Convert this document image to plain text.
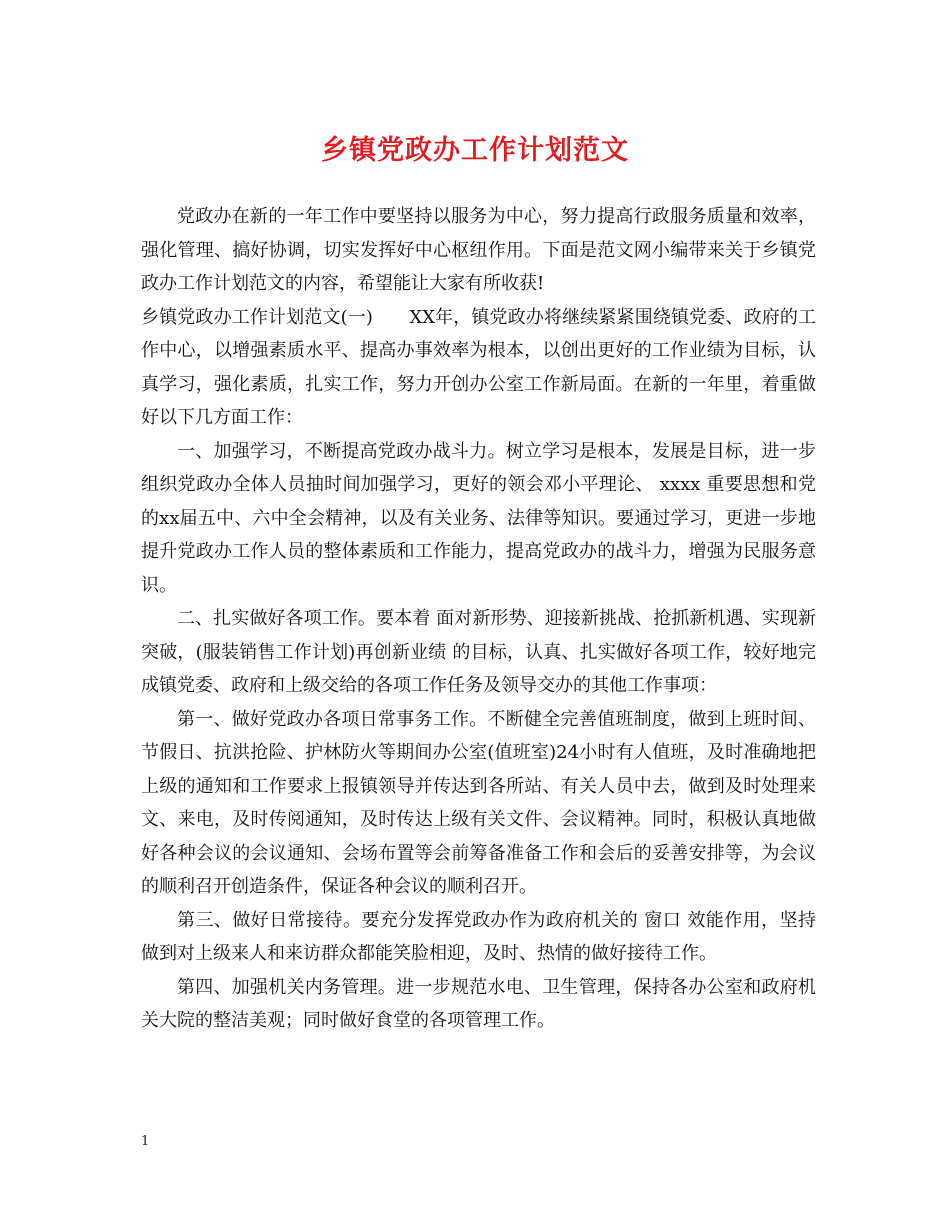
乡镇党政办工作计划范文

党政办在新的一年工作中要坚持以服务为中心，努力提高行政服务质量和效率，强化管理、搞好协调，切实发挥好中心枢纽作用。下面是范文网小编带来关于乡镇党政办工作计划范文的内容，希望能让大家有所收获!

乡镇党政办工作计划范文(一)　　XX年，镇党政办将继续紧紧围绕镇党委、政府的工作中心，以增强素质水平、提高办事效率为根本，以创出更好的工作业绩为目标，认真学习，强化素质，扎实工作，努力开创办公室工作新局面。在新的一年里，着重做好以下几方面工作：

一、加强学习，不断提高党政办战斗力。树立学习是根本，发展是目标，进一步组织党政办全体人员抽时间加强学习，更好的领会邓小平理论、 xxxx 重要思想和党的xx届五中、六中全会精神，以及有关业务、法律等知识。要通过学习，更进一步地提升党政办工作人员的整体素质和工作能力，提高党政办的战斗力，增强为民服务意识。

二、扎实做好各项工作。要本着 面对新形势、迎接新挑战、抢抓新机遇、实现新突破，(服装销售工作计划)再创新业绩 的目标，认真、扎实做好各项工作，较好地完成镇党委、政府和上级交给的各项工作任务及领导交办的其他工作事项：

第一、做好党政办各项日常事务工作。不断健全完善值班制度，做到上班时间、节假日、抗洪抢险、护林防火等期间办公室(值班室)24小时有人值班，及时准确地把上级的通知和工作要求上报镇领导并传达到各所站、有关人员中去，做到及时处理来文、来电，及时传阅通知，及时传达上级有关文件、会议精神。同时，积极认真地做好各种会议的会议通知、会场布置等会前筹备准备工作和会后的妥善安排等，为会议的顺利召开创造条件，保证各种会议的顺利召开。

第三、做好日常接待。要充分发挥党政办作为政府机关的 窗口 效能作用，坚持做到对上级来人和来访群众都能笑脸相迎，及时、热情的做好接待工作。

第四、加强机关内务管理。进一步规范水电、卫生管理，保持各办公室和政府机关大院的整洁美观；同时做好食堂的各项管理工作。

1
